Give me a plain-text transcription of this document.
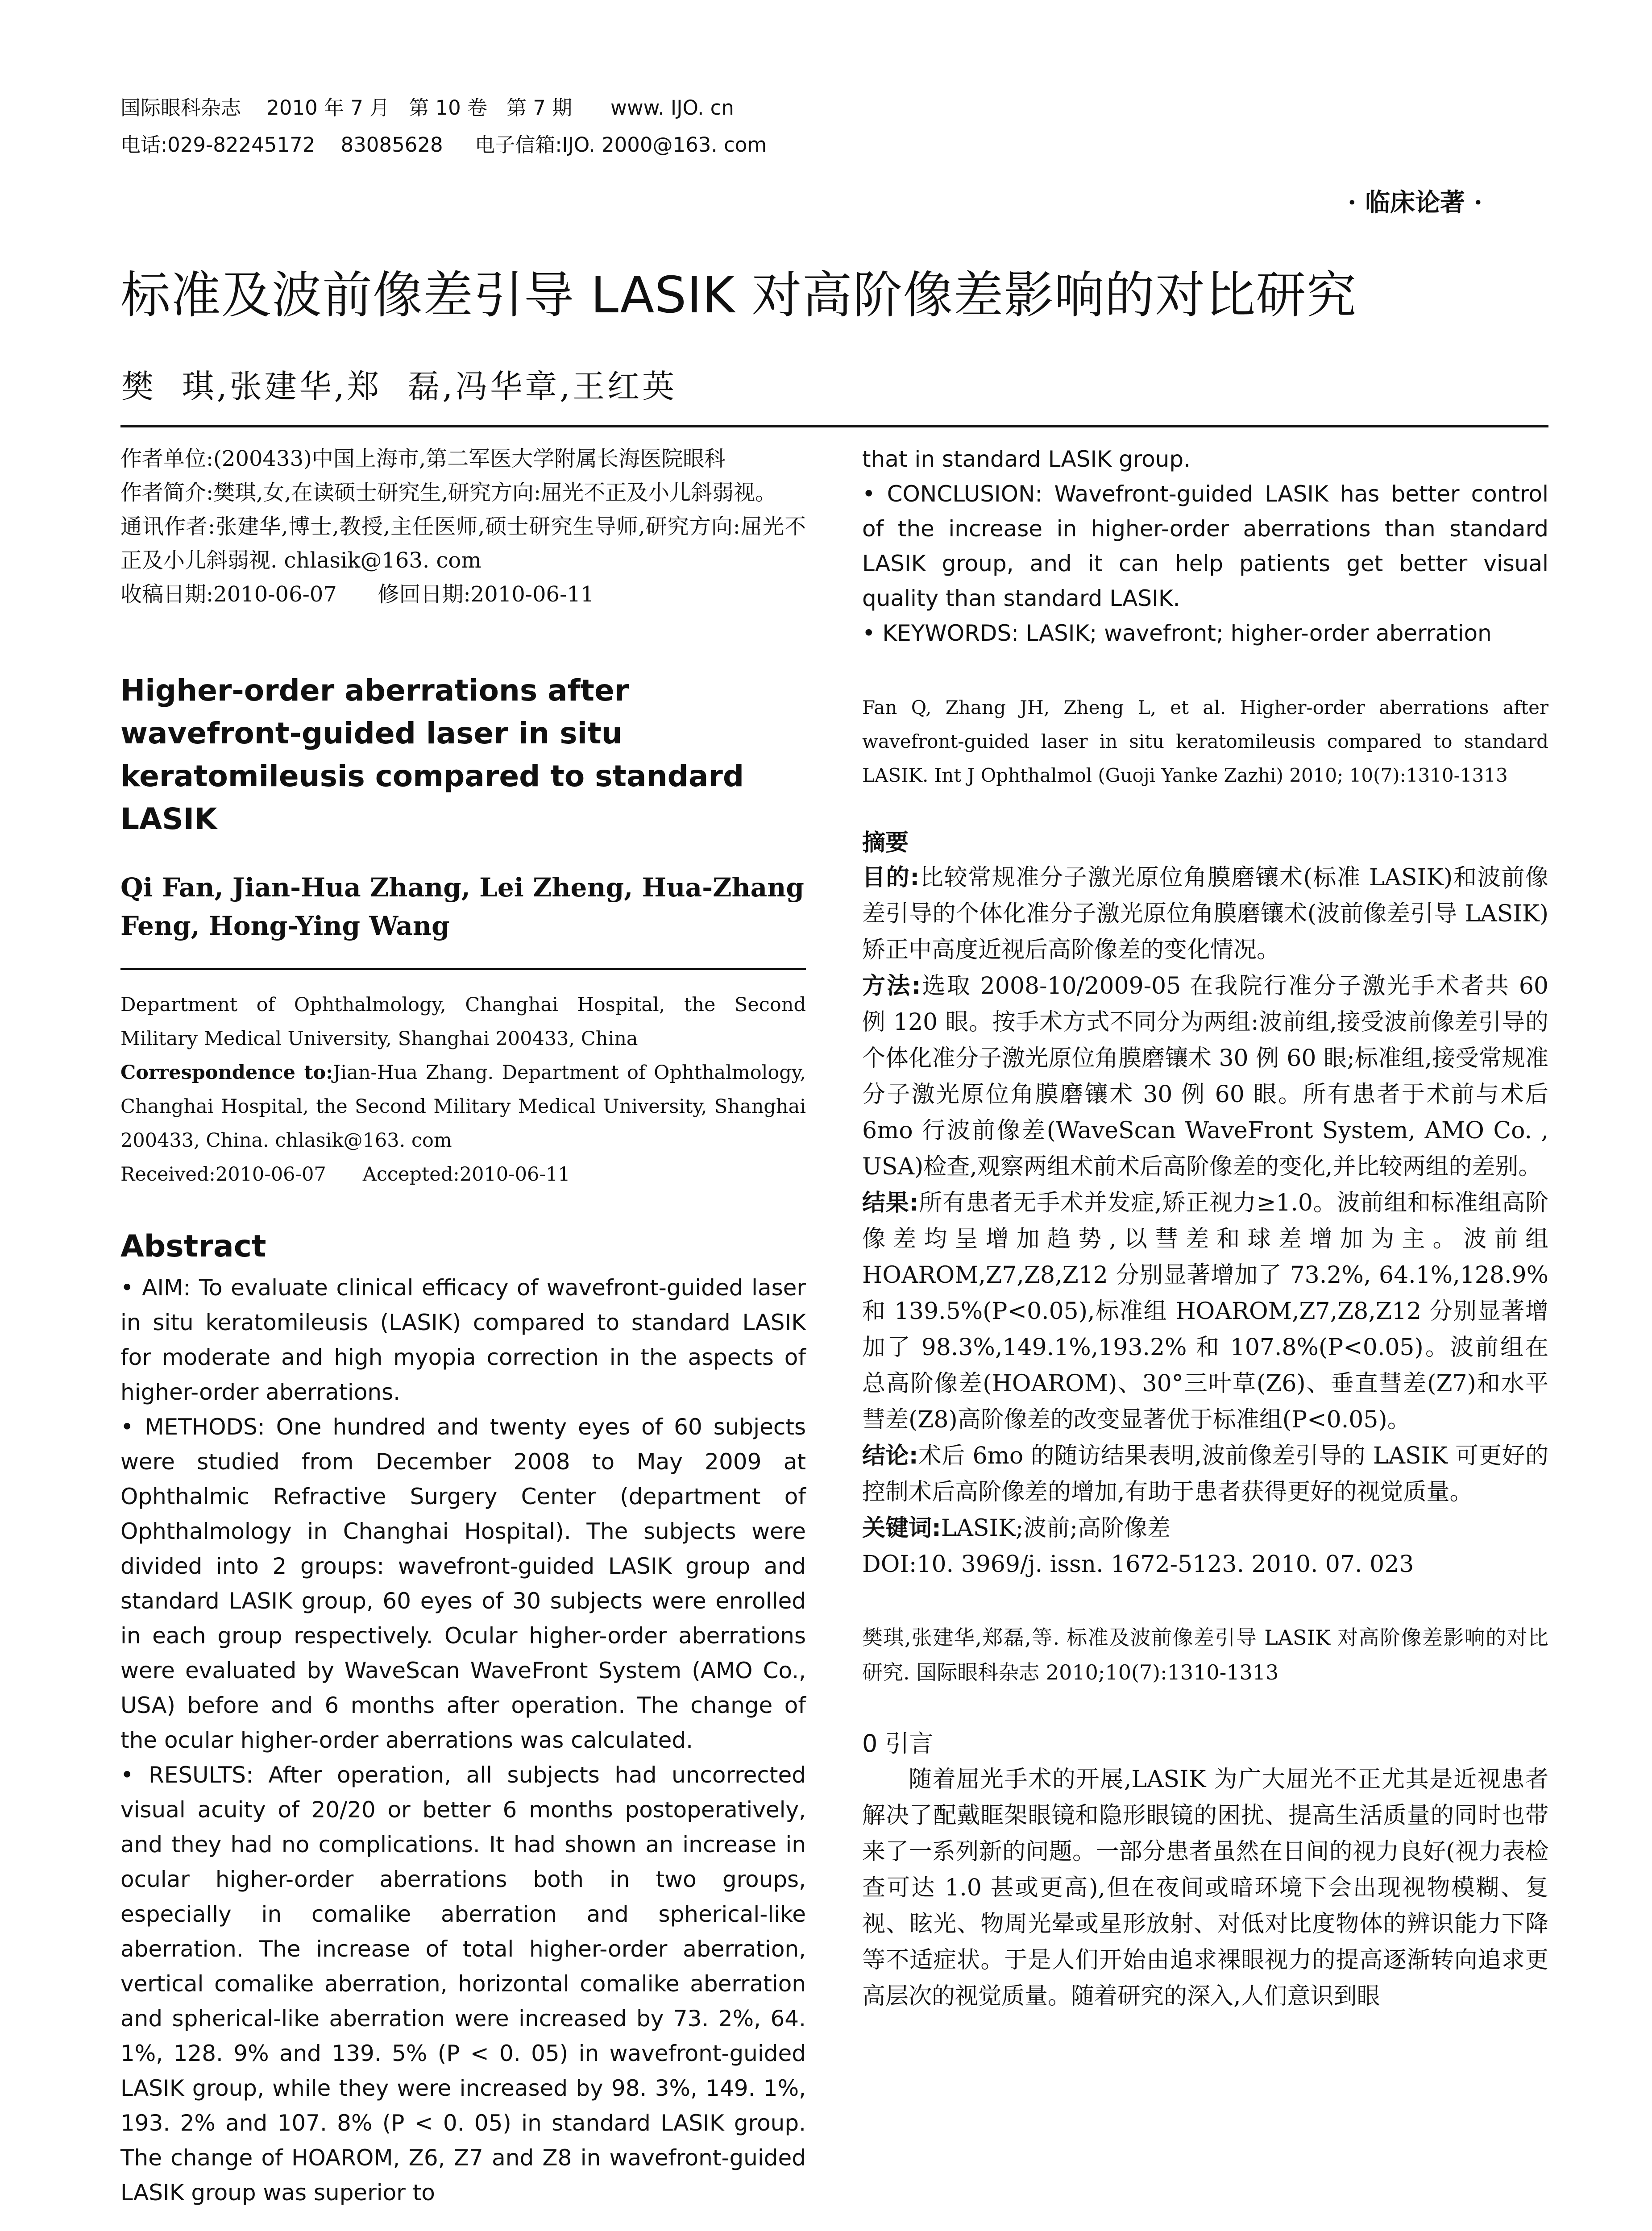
国际眼科杂志    2010 年 7 月   第 10 卷   第 7 期      www. IJO. cn
电话:029-82245172    83085628     电子信箱:IJO. 2000@163. com
· 临床论著 ·
标准及波前像差引导 LASIK 对高阶像差影响的对比研究
樊  琪,张建华,郑  磊,冯华章,王红英

作者单位:(200433)中国上海市,第二军医大学附属长海医院眼科

作者简介:樊琪,女,在读硕士研究生,研究方向:屈光不正及小儿斜弱视。

通讯作者:张建华,博士,教授,主任医师,硕士研究生导师,研究方向:屈光不正及小儿斜弱视. chlasik@163. com

收稿日期:2010-06-07      修回日期:2010-06-11

Higher-order aberrations after wavefront-guided laser in situ keratomileusis compared to standard LASIK
Qi Fan, Jian-Hua Zhang, Lei Zheng, Hua-Zhang Feng, Hong-Ying Wang

Department of Ophthalmology, Changhai Hospital, the Second Military Medical University, Shanghai 200433, China

Correspondence to:Jian-Hua Zhang. Department of Ophthalmology, Changhai Hospital, the Second Military Medical University, Shanghai 200433, China. chlasik@163. com

Received:2010-06-07      Accepted:2010-06-11

Abstract

• AIM: To evaluate clinical efficacy of wavefront-guided laser in situ keratomileusis (LASIK) compared to standard LASIK for moderate and high myopia correction in the aspects of higher-order aberrations.

• METHODS: One hundred and twenty eyes of 60 subjects were studied from December 2008 to May 2009 at Ophthalmic Refractive Surgery Center (department of Ophthalmology in Changhai Hospital). The subjects were divided into 2 groups: wavefront-guided LASIK group and standard LASIK group, 60 eyes of 30 subjects were enrolled in each group respectively. Ocular higher-order aberrations were evaluated by WaveScan WaveFront System (AMO Co., USA) before and 6 months after operation. The change of the ocular higher-order aberrations was calculated.

• RESULTS: After operation, all subjects had uncorrected visual acuity of 20/20 or better 6 months postoperatively, and they had no complications. It had shown an increase in ocular higher-order aberrations both in two groups, especially in comalike aberration and spherical-like aberration. The increase of total higher-order aberration, vertical comalike aberration, horizontal comalike aberration and spherical-like aberration were increased by 73. 2%, 64. 1%, 128. 9% and 139. 5% (P < 0. 05) in wavefront-guided LASIK group, while they were increased by 98. 3%, 149. 1%, 193. 2% and 107. 8% (P < 0. 05) in standard LASIK group. The change of HOAROM, Z6, Z7 and Z8 in wavefront-guided LASIK group was superior to

that in standard LASIK group.

• CONCLUSION: Wavefront-guided LASIK has better control of the increase in higher-order aberrations than standard LASIK group, and it can help patients get better visual quality than standard LASIK.

• KEYWORDS: LASIK; wavefront; higher-order aberration

Fan Q, Zhang JH, Zheng L, et al. Higher-order aberrations after wavefront-guided laser in situ keratomileusis compared to standard LASIK. Int J Ophthalmol (Guoji Yanke Zazhi) 2010; 10(7):1310-1313
摘要

目的:比较常规准分子激光原位角膜磨镶术(标准 LASIK)和波前像差引导的个体化准分子激光原位角膜磨镶术(波前像差引导 LASIK)矫正中高度近视后高阶像差的变化情况。

方法:选取 2008-10/2009-05 在我院行准分子激光手术者共 60 例 120 眼。按手术方式不同分为两组:波前组,接受波前像差引导的个体化准分子激光原位角膜磨镶术 30 例 60 眼;标准组,接受常规准分子激光原位角膜磨镶术 30 例 60 眼。所有患者于术前与术后 6mo 行波前像差(WaveScan WaveFront System, AMO Co. , USA)检查,观察两组术前术后高阶像差的变化,并比较两组的差别。

结果:所有患者无手术并发症,矫正视力≥1.0。波前组和标准组高阶像差均呈增加趋势,以彗差和球差增加为主。波前组 HOAROM,Z7,Z8,Z12 分别显著增加了 73.2%, 64.1%,128.9% 和 139.5%(P<0.05),标准组 HOAROM,Z7,Z8,Z12 分别显著增加了 98.3%,149.1%,193.2% 和 107.8%(P<0.05)。波前组在总高阶像差(HOAROM)、30°三叶草(Z6)、垂直彗差(Z7)和水平彗差(Z8)高阶像差的改变显著优于标准组(P<0.05)。

结论:术后 6mo 的随访结果表明,波前像差引导的 LASIK 可更好的控制术后高阶像差的增加,有助于患者获得更好的视觉质量。

关键词:LASIK;波前;高阶像差

DOI:10. 3969/j. issn. 1672-5123. 2010. 07. 023

樊琪,张建华,郑磊,等. 标准及波前像差引导 LASIK 对高阶像差影响的对比研究. 国际眼科杂志 2010;10(7):1310-1313
0 引言
随着屈光手术的开展,LASIK 为广大屈光不正尤其是近视患者解决了配戴眶架眼镜和隐形眼镜的困扰、提高生活质量的同时也带来了一系列新的问题。一部分患者虽然在日间的视力良好(视力表检查可达 1.0 甚或更高),但在夜间或暗环境下会出现视物模糊、复视、眩光、物周光晕或星形放射、对低对比度物体的辨识能力下降等不适症状。于是人们开始由追求裸眼视力的提高逐渐转向追求更高层次的视觉质量。随着研究的深入,人们意识到眼
